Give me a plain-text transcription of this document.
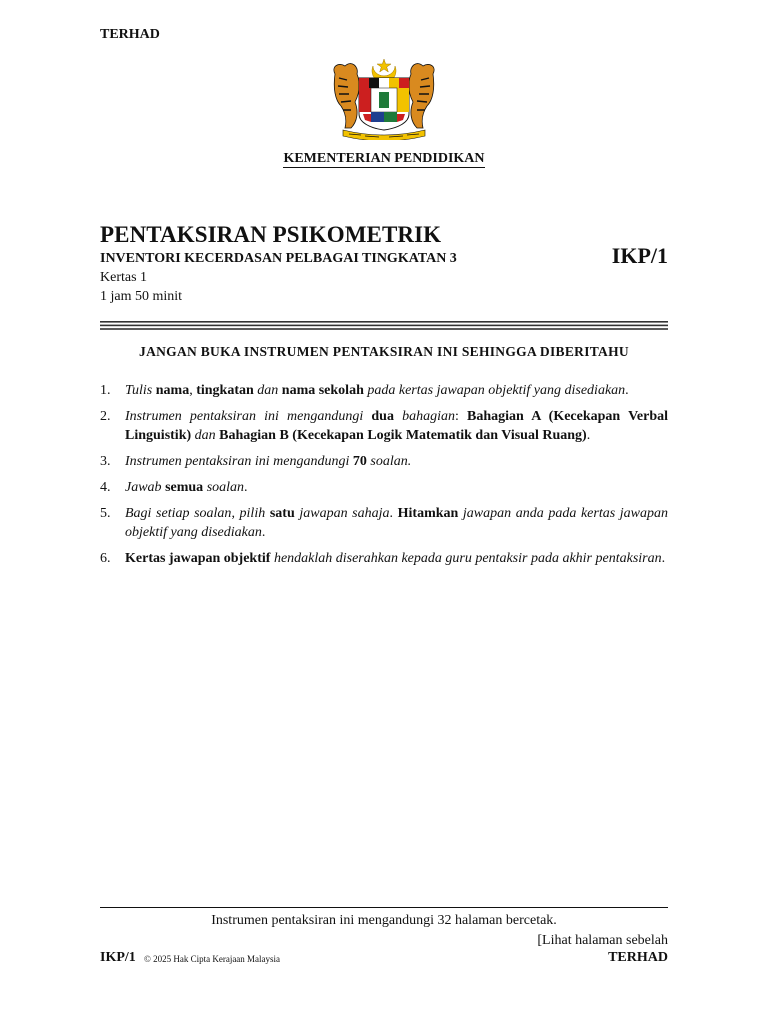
TERHAD
KEMENTERIAN PENDIDIKAN
PENTAKSIRAN PSIKOMETRIK
INVENTORI KECERDASAN PELBAGAI TINGKATAN 3	IKP/1
Kertas 1
1 jam 50 minit
JANGAN BUKA INSTRUMEN PENTAKSIRAN INI SEHINGGA DIBERITAHU
1. Tulis nama, tingkatan dan nama sekolah pada kertas jawapan objektif yang disediakan.
2. Instrumen pentaksiran ini mengandungi dua bahagian: Bahagian A (Kecekapan Verbal Linguistik) dan Bahagian B (Kecekapan Logik Matematik dan Visual Ruang).
3. Instrumen pentaksiran ini mengandungi 70 soalan.
4. Jawab semua soalan.
5. Bagi setiap soalan, pilih satu jawapan sahaja. Hitamkan jawapan anda pada kertas jawapan objektif yang disediakan.
6. Kertas jawapan objektif hendaklah diserahkan kepada guru pentaksir pada akhir pentaksiran.
Instrumen pentaksiran ini mengandungi 32 halaman bercetak.
[Lihat halaman sebelah
IKP/1 © 2025 Hak Cipta Kerajaan Malaysia	TERHAD
